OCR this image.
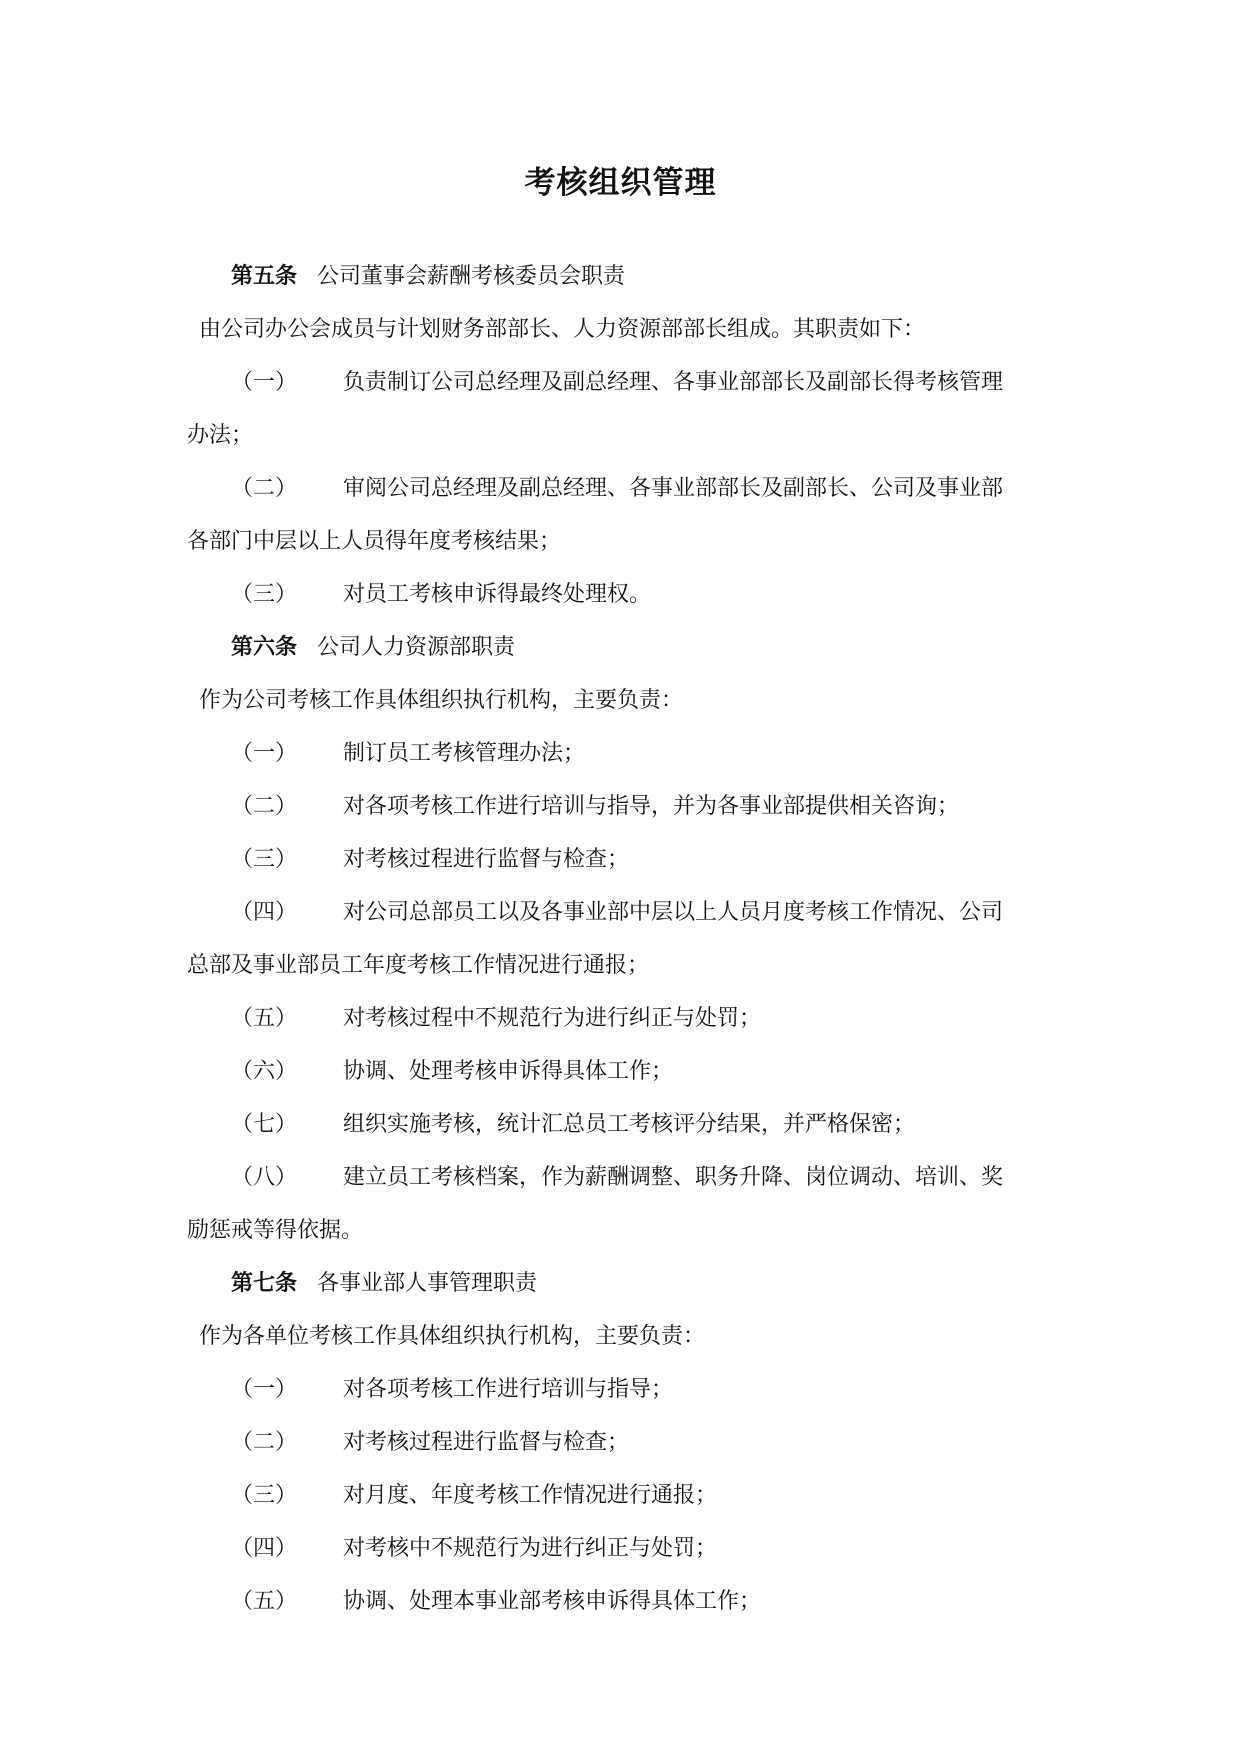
考核组织管理
第五条 公司董事会薪酬考核委员会职责
由公司办公会成员与计划财务部部长、人力资源部部长组成。其职责如下：
（一） 负责制订公司总经理及副总经理、各事业部部长及副部长得考核管理
办法；
（二） 审阅公司总经理及副总经理、各事业部部长及副部长、公司及事业部
各部门中层以上人员得年度考核结果；
（三） 对员工考核申诉得最终处理权。
第六条 公司人力资源部职责
作为公司考核工作具体组织执行机构，主要负责：
（一） 制订员工考核管理办法；
（二） 对各项考核工作进行培训与指导，并为各事业部提供相关咨询；
（三） 对考核过程进行监督与检查；
（四） 对公司总部员工以及各事业部中层以上人员月度考核工作情况、公司
总部及事业部员工年度考核工作情况进行通报；
（五） 对考核过程中不规范行为进行纠正与处罚；
（六） 协调、处理考核申诉得具体工作；
（七） 组织实施考核，统计汇总员工考核评分结果，并严格保密；
（八） 建立员工考核档案，作为薪酬调整、职务升降、岗位调动、培训、奖
励惩戒等得依据。
第七条 各事业部人事管理职责
作为各单位考核工作具体组织执行机构，主要负责：
（一） 对各项考核工作进行培训与指导；
（二） 对考核过程进行监督与检查；
（三） 对月度、年度考核工作情况进行通报；
（四） 对考核中不规范行为进行纠正与处罚；
（五） 协调、处理本事业部考核申诉得具体工作；
